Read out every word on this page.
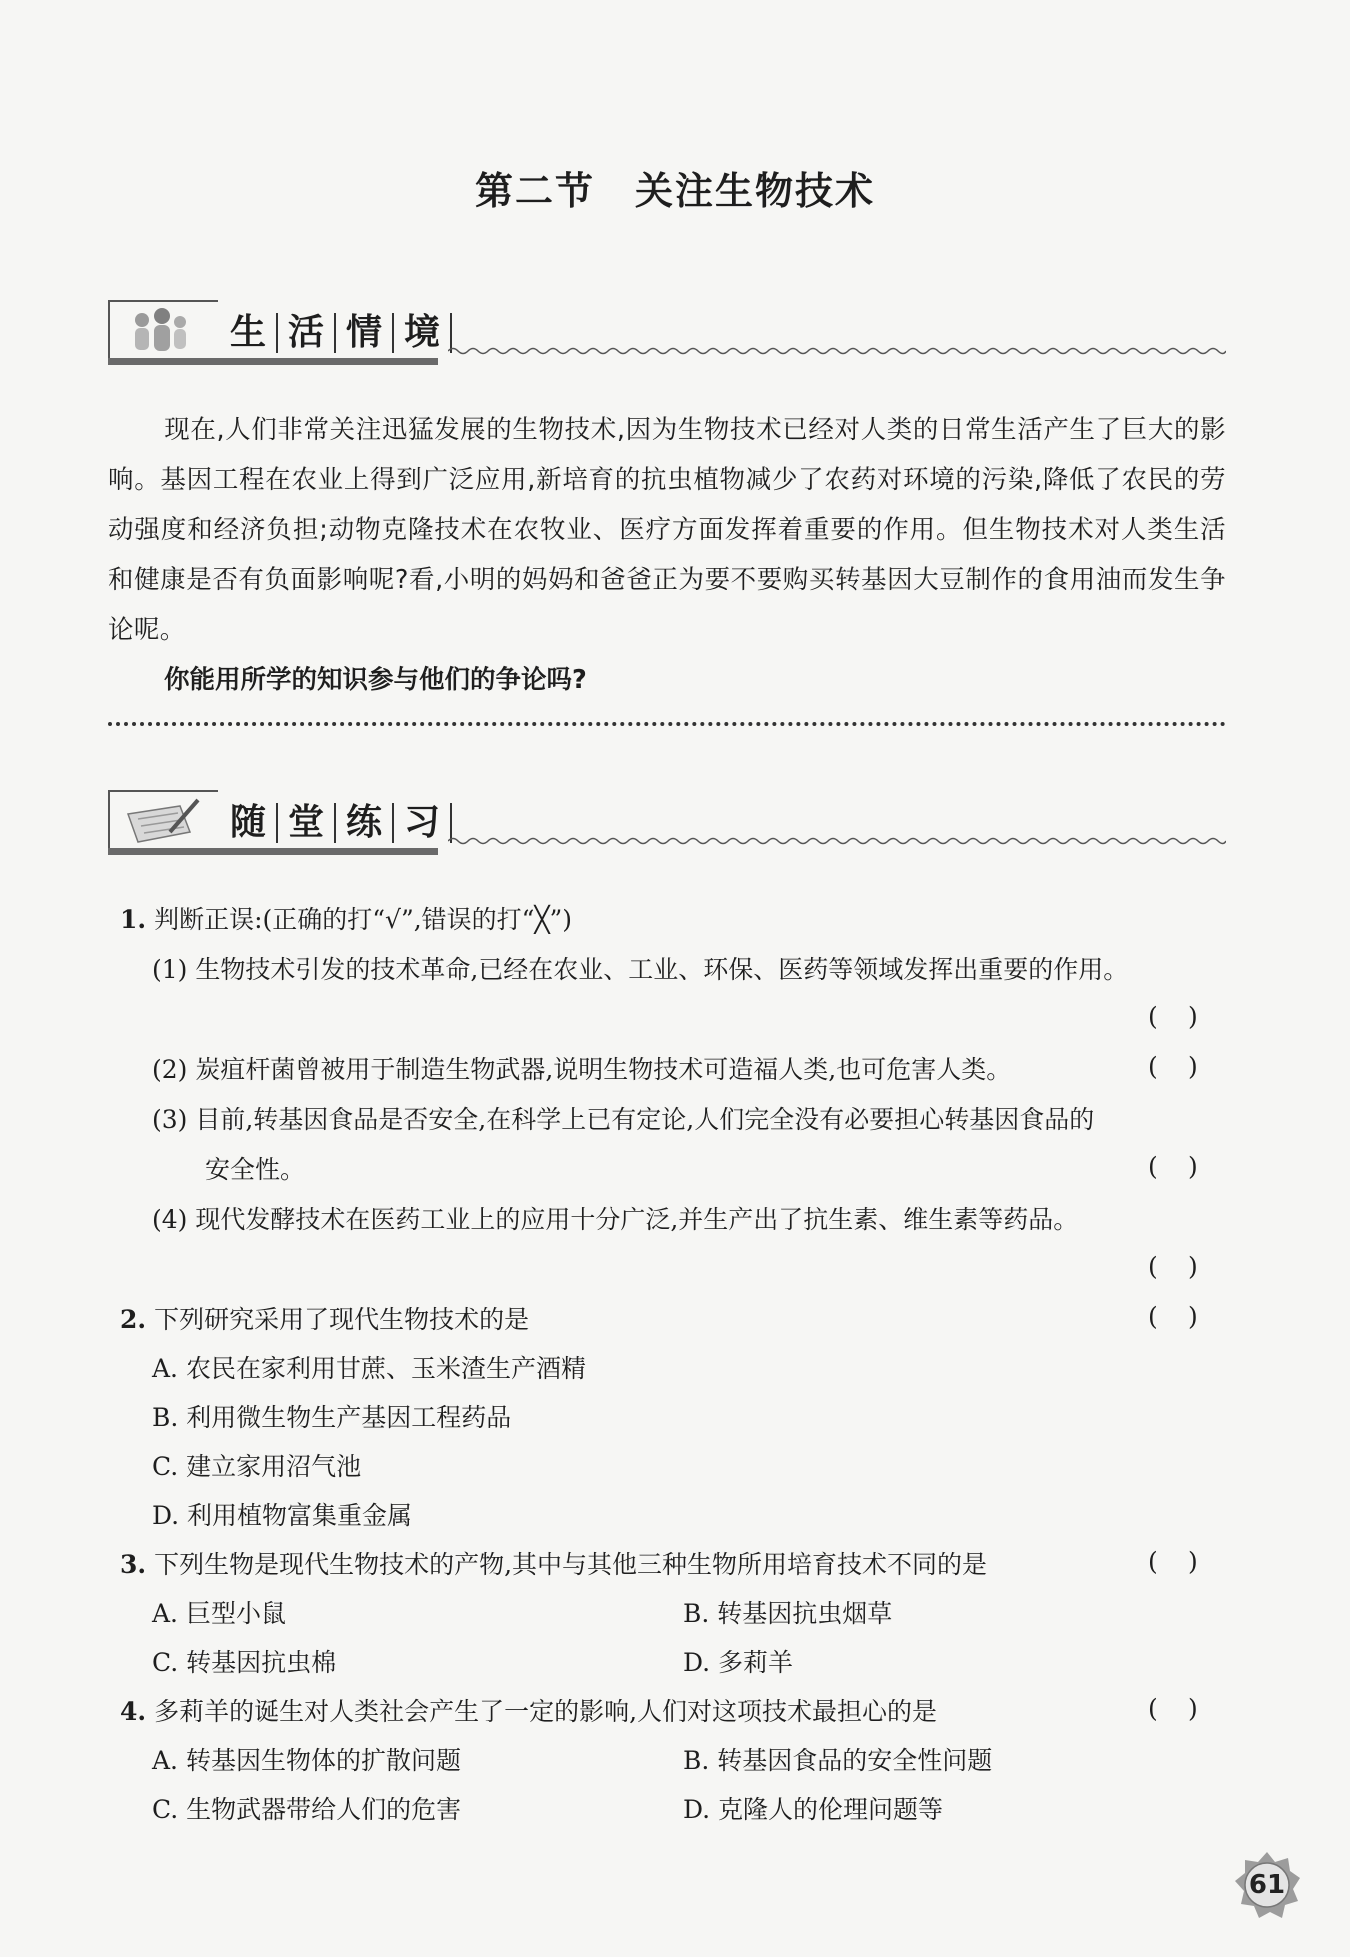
第二节 关注生物技术
生 活 情 境
现在,人们非常关注迅猛发展的生物技术,因为生物技术已经对人类的日常生活产生了巨大的影响。基因工程在农业上得到广泛应用,新培育的抗虫植物减少了农药对环境的污染,降低了农民的劳动强度和经济负担;动物克隆技术在农牧业、医疗方面发挥着重要的作用。但生物技术对人类生活和健康是否有负面影响呢?看,小明的妈妈和爸爸正为要不要购买转基因大豆制作的食用油而发生争论呢。
你能用所学的知识参与他们的争论吗?
随 堂 练 习
1. 判断正误:(正确的打“√”,错误的打“╳”)
(1) 生物技术引发的技术革命,已经在农业、工业、环保、医药等领域发挥出重要的作用。
( )
(2) 炭疽杆菌曾被用于制造生物武器,说明生物技术可造福人类,也可危害人类。	( )
(3) 目前,转基因食品是否安全,在科学上已有定论,人们完全没有必要担心转基因食品的
安全性。	( )
(4) 现代发酵技术在医药工业上的应用十分广泛,并生产出了抗生素、维生素等药品。
( )
2. 下列研究采用了现代生物技术的是	( )
A. 农民在家利用甘蔗、玉米渣生产酒精
B. 利用微生物生产基因工程药品
C. 建立家用沼气池
D. 利用植物富集重金属
3. 下列生物是现代生物技术的产物,其中与其他三种生物所用培育技术不同的是	( )
A. 巨型小鼠	B. 转基因抗虫烟草
C. 转基因抗虫棉	D. 多莉羊
4. 多莉羊的诞生对人类社会产生了一定的影响,人们对这项技术最担心的是	( )
A. 转基因生物体的扩散问题	B. 转基因食品的安全性问题
C. 生物武器带给人们的危害	D. 克隆人的伦理问题等
61
